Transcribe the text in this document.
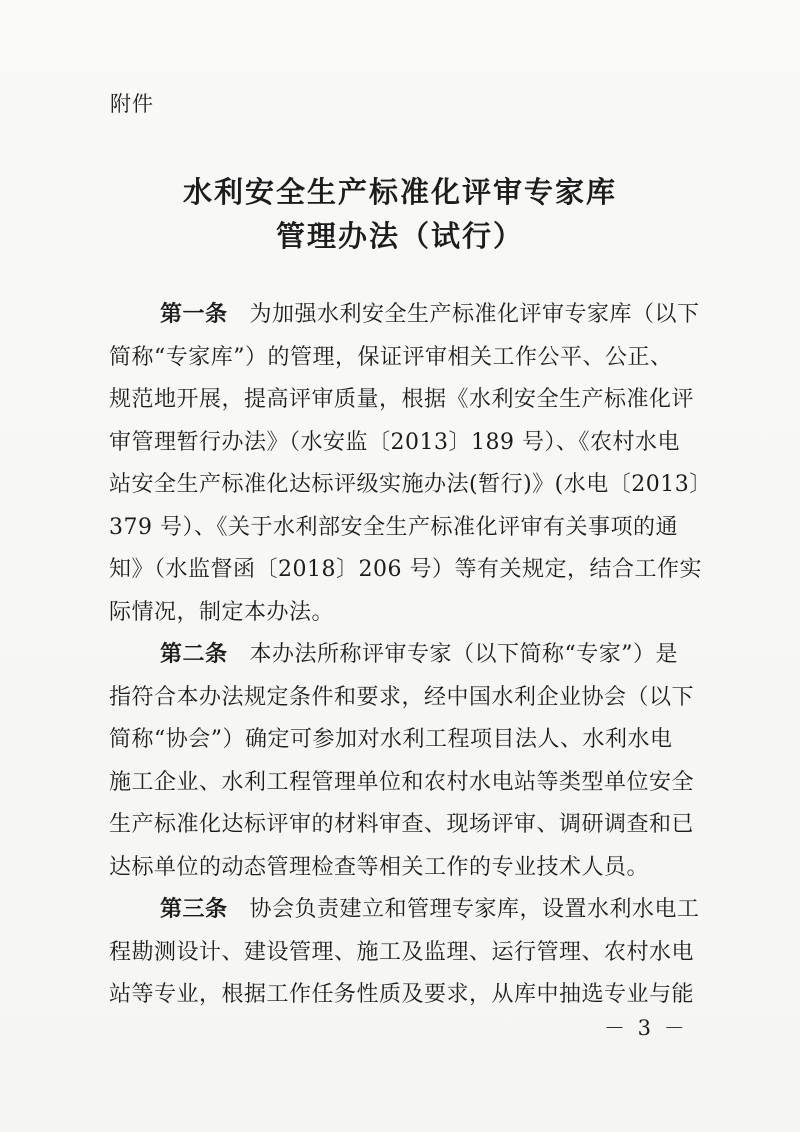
附件
水利安全生产标准化评审专家库
管理办法（试行）
第一条 为加强水利安全生产标准化评审专家库（以下
简称“专家库”）的管理，保证评审相关工作公平、公正、
规范地开展，提高评审质量，根据《水利安全生产标准化评
审管理暂行办法》（水安监〔2013〕189 号）、《农村水电
站安全生产标准化达标评级实施办法(暂行)》(水电〔2013〕
379 号）、《关于水利部安全生产标准化评审有关事项的通
知》（水监督函〔2018〕206 号）等有关规定，结合工作实
际情况，制定本办法。
第二条 本办法所称评审专家（以下简称“专家”）是
指符合本办法规定条件和要求，经中国水利企业协会（以下
简称“协会”）确定可参加对水利工程项目法人、水利水电
施工企业、水利工程管理单位和农村水电站等类型单位安全
生产标准化达标评审的材料审查、现场评审、调研调查和已
达标单位的动态管理检查等相关工作的专业技术人员。
第三条 协会负责建立和管理专家库，设置水利水电工
程勘测设计、建设管理、施工及监理、运行管理、农村水电
站等专业，根据工作任务性质及要求，从库中抽选专业与能
－ 3 －
